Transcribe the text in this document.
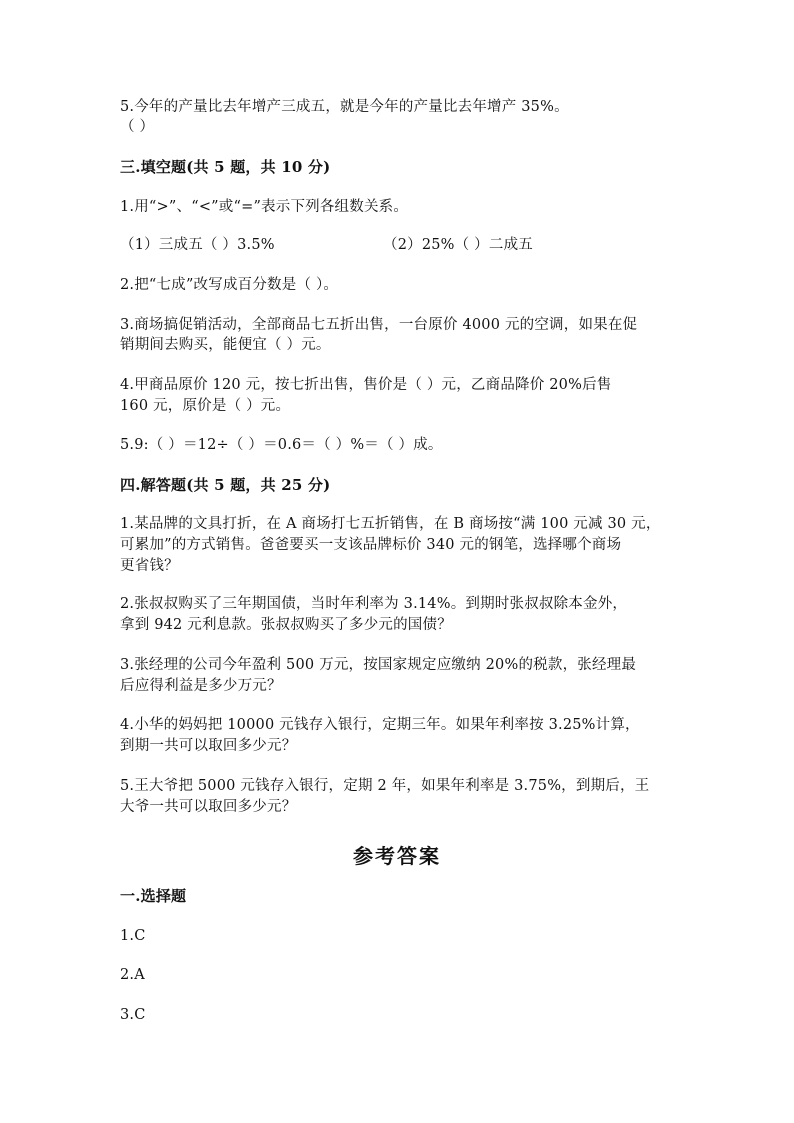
5.今年的产量比去年增产三成五，就是今年的产量比去年增产 35%。
（ ）
三.填空题(共 5 题，共 10 分)
1.用“>”、“<”或“=”表示下列各组数关系。
（1）三成五（ ）3.5%	（2）25%（ ）二成五
2.把“七成”改写成百分数是（ ）。
3.商场搞促销活动，全部商品七五折出售，一台原价 4000 元的空调，如果在促
销期间去购买，能便宜（ ）元。
4.甲商品原价 120 元，按七折出售，售价是（ ）元，乙商品降价 20%后售
160 元，原价是（ ）元。
5.9:（ ）＝12÷（ ）＝0.6＝（ ）%＝（ ）成。
四.解答题(共 5 题，共 25 分)
1.某品牌的文具打折，在 A 商场打七五折销售，在 B 商场按“满 100 元减 30 元，
可累加”的方式销售。爸爸要买一支该品牌标价 340 元的钢笔，选择哪个商场
更省钱？
2.张叔叔购买了三年期国债，当时年利率为 3.14%。到期时张叔叔除本金外，
拿到 942 元利息款。张叔叔购买了多少元的国债？
3.张经理的公司今年盈利 500 万元，按国家规定应缴纳 20%的税款，张经理最
后应得利益是多少万元？
4.小华的妈妈把 10000 元钱存入银行，定期三年。如果年利率按 3.25%计算，
到期一共可以取回多少元？
5.王大爷把 5000 元钱存入银行，定期 2 年，如果年利率是 3.75%，到期后，王
大爷一共可以取回多少元？
参考答案
一.选择题
1.C
2.A
3.C
